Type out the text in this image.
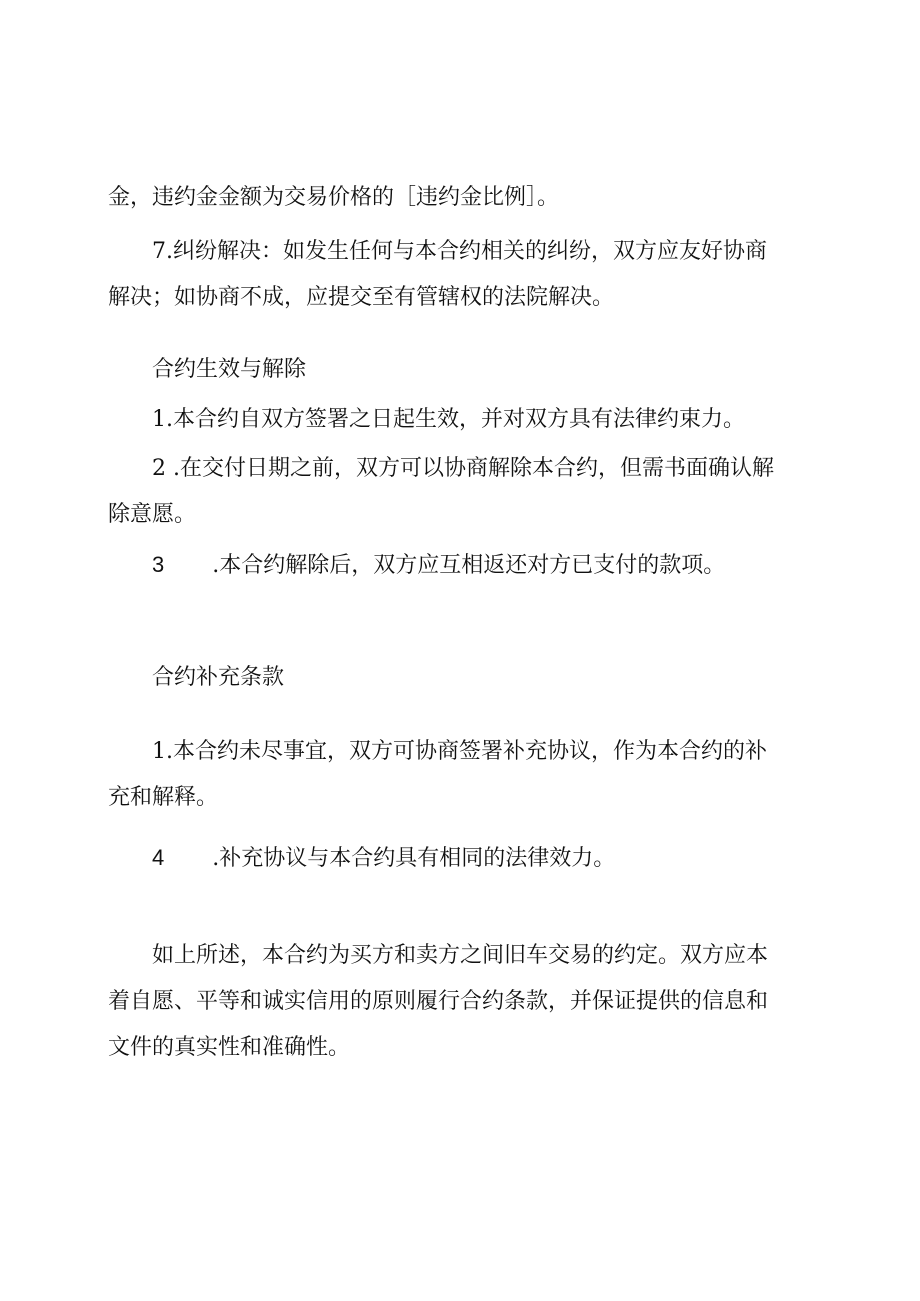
金，违约金金额为交易价格的［违约金比例］。
7.纠纷解决：如发生任何与本合约相关的纠纷，双方应友好协商
解决；如协商不成，应提交至有管辖权的法院解决。
合约生效与解除
1.本合约自双方签署之日起生效，并对双方具有法律约束力。
2 .在交付日期之前，双方可以协商解除本合约，但需书面确认解
除意愿。
3 .本合约解除后，双方应互相返还对方已支付的款项。
合约补充条款
1.本合约未尽事宜，双方可协商签署补充协议，作为本合约的补
充和解释。
4 .补充协议与本合约具有相同的法律效力。
如上所述，本合约为买方和卖方之间旧车交易的约定。双方应本
着自愿、平等和诚实信用的原则履行合约条款，并保证提供的信息和
文件的真实性和准确性。
